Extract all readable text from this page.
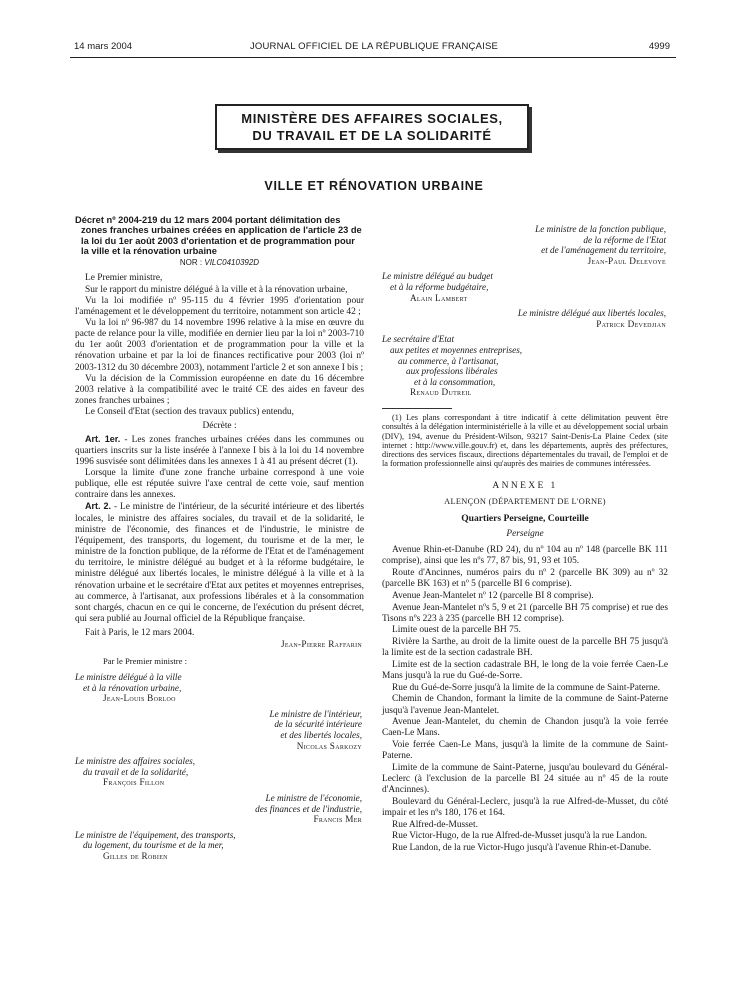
14 mars 2004	JOURNAL OFFICIEL DE LA RÉPUBLIQUE FRANÇAISE	4999
MINISTÈRE DES AFFAIRES SOCIALES,
DU TRAVAIL ET DE LA SOLIDARITÉ
VILLE ET RÉNOVATION URBAINE
Décret nº 2004-219 du 12 mars 2004 portant délimitation des zones franches urbaines créées en application de l'article 23 de la loi du 1er août 2003 d'orientation et de programmation pour la ville et la rénovation urbaine
NOR : VILC0410392D

Le Premier ministre,

Sur le rapport du ministre délégué à la ville et à la rénovation urbaine,

Vu la loi modifiée nº 95-115 du 4 février 1995 d'orientation pour l'aménagement et le développement du territoire, notamment son article 42 ;

Vu la loi nº 96-987 du 14 novembre 1996 relative à la mise en œuvre du pacte de relance pour la ville, modifiée en dernier lieu par la loi nº 2003-710 du 1er août 2003 d'orientation et de programmation pour la ville et la rénovation urbaine et par la loi de finances rectificative pour 2003 (loi nº 2003-1312 du 30 décembre 2003), notamment l'article 2 et son annexe I bis ;

Vu la décision de la Commission européenne en date du 16 décembre 2003 relative à la compatibilité avec le traité CE des aides en faveur des zones franches urbaines ;

Le Conseil d'Etat (section des travaux publics) entendu,

Décrète :

Art. 1er. - Les zones franches urbaines créées dans les communes ou quartiers inscrits sur la liste insérée à l'annexe I bis à la loi du 14 novembre 1996 susvisée sont délimitées dans les annexes 1 à 41 au présent décret (1).

Lorsque la limite d'une zone franche urbaine correspond à une voie publique, elle est réputée suivre l'axe central de cette voie, sauf mention contraire dans les annexes.

Art. 2. - Le ministre de l'intérieur, de la sécurité intérieure et des libertés locales, le ministre des affaires sociales, du travail et de la solidarité, le ministre de l'économie, des finances et de l'industrie, le ministre de l'équipement, des transports, du logement, du tourisme et de la mer, le ministre de la fonction publique, de la réforme de l'Etat et de l'aménagement du territoire, le ministre délégué au budget et à la réforme budgétaire, le ministre délégué aux libertés locales, le ministre délégué à la ville et à la rénovation urbaine et le secrétaire d'Etat aux petites et moyennes entreprises, au commerce, à l'artisanat, aux professions libérales et à la consommation sont chargés, chacun en ce qui le concerne, de l'exécution du présent décret, qui sera publié au Journal officiel de la République française.

Fait à Paris, le 12 mars 2004.

Jean-Pierre Raffarin
Par le Premier ministre :
Le ministre délégué à la ville
et à la rénovation urbaine,
Jean-Louis Borloo
Le ministre de l'intérieur,
de la sécurité intérieure
et des libertés locales,
Nicolas Sarkozy
Le ministre des affaires sociales,
du travail et de la solidarité,
François Fillon
Le ministre de l'économie,
des finances et de l'industrie,
Francis Mer
Le ministre de l'équipement, des transports,
du logement, du tourisme et de la mer,
Gilles de Robien
Le ministre de la fonction publique,
de la réforme de l'Etat
et de l'aménagement du territoire,
Jean-Paul Delevoye
Le ministre délégué au budget
et à la réforme budgétaire,
Alain Lambert
Le ministre délégué aux libertés locales,
Patrick Devedjian
Le secrétaire d'Etat
aux petites et moyennes entreprises,
au commerce, à l'artisanat,
aux professions libérales
et à la consommation,
Renaud Dutreil
(1) Les plans correspondant à titre indicatif à cette délimitation peuvent être consultés à la délégation interministérielle à la ville et au développement social urbain (DIV), 194, avenue du Président-Wilson, 93217 Saint-Denis-La Plaine Cedex (site internet : http://www.ville.gouv.fr) et, dans les départements, auprès des préfectures, directions des services fiscaux, directions départementales du travail, de l'emploi et de la formation professionnelle ainsi qu'auprès des mairies de communes intéressées.
ANNEXE 1
ALENÇON (DÉPARTEMENT DE L'ORNE)
Quartiers Perseigne, Courteille
Perseigne

Avenue Rhin-et-Danube (RD 24), du nº 104 au nº 148 (parcelle BK 111 comprise), ainsi que les nºs 77, 87 bis, 91, 93 et 105.

Route d'Ancinnes, numéros pairs du nº 2 (parcelle BK 309) au nº 32 (parcelle BK 163) et nº 5 (parcelle BI 6 comprise).

Avenue Jean-Mantelet nº 12 (parcelle BI 8 comprise).

Avenue Jean-Mantelet nºs 5, 9 et 21 (parcelle BH 75 comprise) et rue des Tisons nºs 223 à 235 (parcelle BH 12 comprise).

Limite ouest de la parcelle BH 75.

Rivière la Sarthe, au droit de la limite ouest de la parcelle BH 75 jusqu'à la limite est de la section cadastrale BH.

Limite est de la section cadastrale BH, le long de la voie ferrée Caen-Le Mans jusqu'à la rue du Gué-de-Sorre.

Rue du Gué-de-Sorre jusqu'à la limite de la commune de Saint-Paterne.

Chemin de Chandon, formant la limite de la commune de Saint-Paterne jusqu'à l'avenue Jean-Mantelet.

Avenue Jean-Mantelet, du chemin de Chandon jusqu'à la voie ferrée Caen-Le Mans.

Voie ferrée Caen-Le Mans, jusqu'à la limite de la commune de Saint-Paterne.

Limite de la commune de Saint-Paterne, jusqu'au boulevard du Général-Leclerc (à l'exclusion de la parcelle BI 24 située au nº 45 de la route d'Ancinnes).

Boulevard du Général-Leclerc, jusqu'à la rue Alfred-de-Musset, du côté impair et les nºs 180, 176 et 164.

Rue Alfred-de-Musset.

Rue Victor-Hugo, de la rue Alfred-de-Musset jusqu'à la rue Landon.

Rue Landon, de la rue Victor-Hugo jusqu'à l'avenue Rhin-et-Danube.
